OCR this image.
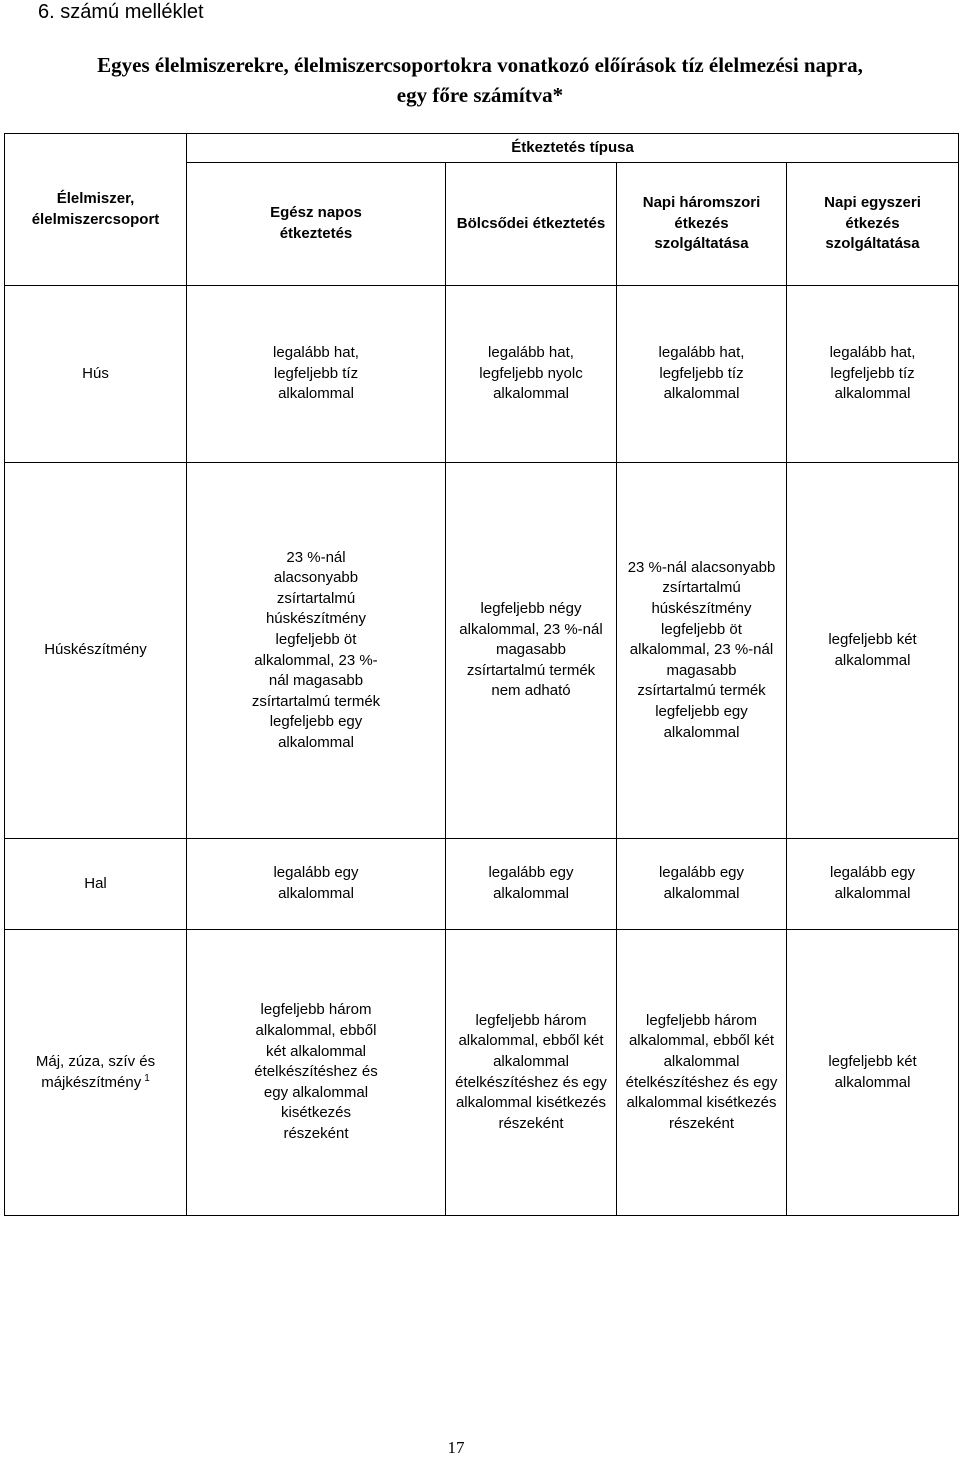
6. számú melléklet
Egyes élelmiszerekre, élelmiszercsoportokra vonatkozó előírások tíz élelmezési napra,
egy főre számítva*
Élelmiszer, élelmiszercsoport	Étkeztetés típusa			
	Egész napos étkeztetés	Bölcsődei étkeztetés	Napi háromszori étkezés szolgáltatása	Napi egyszeri étkezés szolgáltatása
Hús	legalább hat, legfeljebb tíz alkalommal	legalább hat, legfeljebb nyolc alkalommal	legalább hat, legfeljebb tíz alkalommal	legalább hat, legfeljebb tíz alkalommal
Húskészítmény	23 %-nál alacsonyabb zsírtartalmú húskészítmény legfeljebb öt alkalommal, 23 %-nál magasabb zsírtartalmú termék legfeljebb egy alkalommal	legfeljebb négy alkalommal, 23 %-nál magasabb zsírtartalmú termék nem adható	23 %-nál alacsonyabb zsírtartalmú húskészítmény legfeljebb öt alkalommal, 23 %-nál magasabb zsírtartalmú termék legfeljebb egy alkalommal	legfeljebb két alkalommal
Hal	legalább egy alkalommal	legalább egy alkalommal	legalább egy alkalommal	legalább egy alkalommal
Máj, zúza, szív és májkészítmény $^1$	legfeljebb három alkalommal, ebből két alkalommal ételkészítéshez és egy alkalommal kisétkezés részeként	legfeljebb három alkalommal, ebből két alkalommal ételkészítéshez és egy alkalommal kisétkezés részeként	legfeljebb három alkalommal, ebből két alkalommal ételkészítéshez és egy alkalommal kisétkezés részeként	legfeljebb két alkalommal
17
